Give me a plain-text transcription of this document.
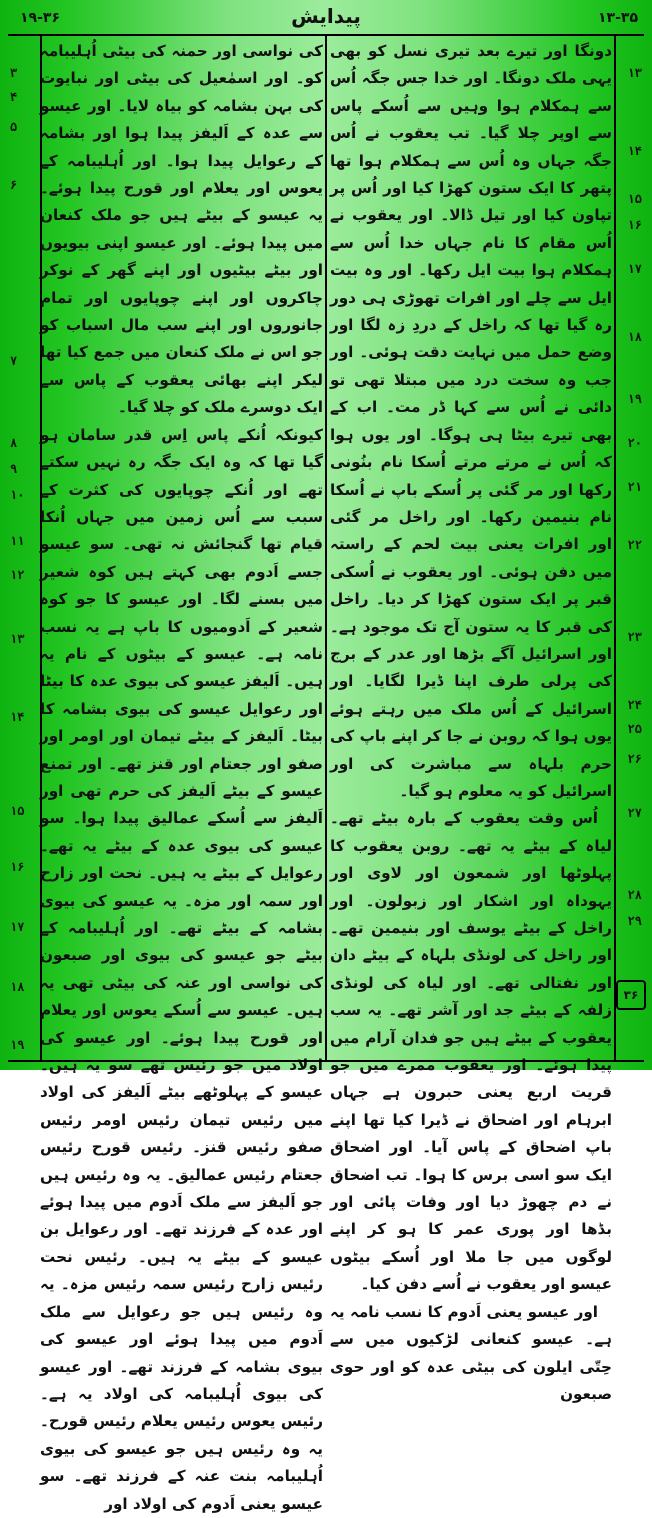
۱۹-۳۶	پیدایش	۱۳-۳۵
۳
۴
۵
۶
۷
۸
۹
۱۰
۱۱
۱۲
۱۳
۱۴
۱۵
۱۶
۱۷
۱۸
۱۹

کی نواسی اور حمنہ کی بیٹی اُہلیبامہ کو۔ اور اسمٰعیل کی بیٹی اور نبایوت کی بہن بشامہ کو بیاہ لایا۔ اور عیسو سے عدہ کے اَلیفز پیدا ہوا اور بشامہ کے رعوایل پیدا ہوا۔ اور اُہلیبامہ کے یعوس اور یعلام اور قورح پیدا ہوئے۔ یہ عیسو کے بیٹے ہیں جو ملک کنعان میں پیدا ہوئے۔ اور عیسو اپنی بیویوں اور بیٹے بیٹیوں اور اپنے گھر کے نوکر چاکروں اور اپنے چوپایوں اور تمام جانوروں اور اپنے سب مال اسباب کو جو اس نے ملک کنعان میں جمع کیا تھا لیکر اپنے بھائی یعقوب کے پاس سے ایک دوسرے ملک کو چلا گیا۔

کیونکہ اُنکے پاس اِس قدر سامان ہو گیا تھا کہ وہ ایک جگہ رہ نہیں سکتے تھے اور اُنکے چوپایوں کی کثرت کے سبب سے اُس زمین میں جہاں اُنکا قیام تھا گنجائش نہ تھی۔ سو عیسو جسے اَدوم بھی کہتے ہیں کوہ شعیر میں بسنے لگا۔ اور عیسو کا جو کوہ شعیر کے اَدومیوں کا باپ ہے یہ نسب نامہ ہے۔ عیسو کے بیٹوں کے نام یہ ہیں۔ اَلیفز عیسو کی بیوی عدہ کا بیٹا اور رعوایل عیسو کی بیوی بشامہ کا بیٹا۔ اَلیفز کے بیٹے تیمان اور اومر اور صفو اور جعتام اور قنز تھے۔ اور تمنع عیسو کے بیٹے اَلیفز کی حرم تھی اور اَلیفز سے اُسکے عمالیق پیدا ہوا۔ سو عیسو کی بیوی عدہ کے بیٹے یہ تھے۔ رعوایل کے بیٹے یہ ہیں۔ نحت اور زارح اور سمہ اور مزہ۔ یہ عیسو کی بیوی بشامہ کے بیٹے تھے۔ اور اُہلیبامہ کے بیٹے جو عیسو کی بیوی اور صبعون کی نواسی اور عنہ کی بیٹی تھی یہ ہیں۔ عیسو سے اُسکے یعوس اور یعلام اور قورح پیدا ہوئے۔ اور عیسو کی اولاد میں جو رئیس تھے سو یہ ہیں۔ عیسو کے پہلوٹھے بیٹے اَلیفز کی اولاد میں رئیس تیمان رئیس اومر رئیس صفو رئیس قنز۔ رئیس قورح رئیس جعتام رئیس عمالیق۔ یہ وہ رئیس ہیں جو اَلیفز سے ملک اَدوم میں پیدا ہوئے اور عدہ کے فرزند تھے۔ اور رعوایل بن عیسو کے بیٹے یہ ہیں۔ رئیس نحت رئیس زارح رئیس سمہ رئیس مزہ۔ یہ وہ رئیس ہیں جو رعوایل سے ملک اَدوم میں پیدا ہوئے اور عیسو کی بیوی بشامہ کے فرزند تھے۔ اور عیسو کی بیوی اُہلیبامہ کی اولاد یہ ہے۔ رئیس یعوس رئیس یعلام رئیس قورح۔ یہ وہ رئیس ہیں جو عیسو کی بیوی اُہلیبامہ بنت عنہ کے فرزند تھے۔ سو عیسو یعنی اَدوم کی اولاد اور

دونگا اور تیرے بعد تیری نسل کو بھی یہی ملک دونگا۔ اور خدا جس جگہ اُس سے ہمکلام ہوا وہیں سے اُسکے پاس سے اوپر چلا گیا۔ تب یعقوب نے اُس جگہ جہاں وہ اُس سے ہمکلام ہوا تھا پتھر کا ایک ستون کھڑا کیا اور اُس پر تپاون کیا اور تیل ڈالا۔ اور یعقوب نے اُس مقام کا نام جہاں خدا اُس سے ہمکلام ہوا بیت ایل رکھا۔ اور وہ بیت ایل سے چلے اور افرات تھوڑی ہی دور رہ گیا تھا کہ راخل کے دردِ زہ لگا اور وضع حمل میں نہایت دقت ہوئی۔ اور جب وہ سخت درد میں مبتلا تھی تو دائی نے اُس سے کہا ڈر مت۔ اب کے بھی تیرے بیٹا ہی ہوگا۔ اور یوں ہوا کہ اُس نے مرتے مرتے اُسکا نام بنُونی رکھا اور مر گئی پر اُسکے باپ نے اُسکا نام بنیمین رکھا۔ اور راخل مر گئی اور افرات یعنی بیت لحم کے راستہ میں دفن ہوئی۔ اور یعقوب نے اُسکی قبر پر ایک ستون کھڑا کر دیا۔ راخل کی قبر کا یہ ستون آج تک موجود ہے۔ اور اسرائیل آگے بڑھا اور عدر کے برج کی پرلی طرف اپنا ڈیرا لگایا۔ اور اسرائیل کے اُس ملک میں رہتے ہوئے یوں ہوا کہ روبن نے جا کر اپنے باپ کی حرم بلہاہ سے مباشرت کی اور اسرائیل کو یہ معلوم ہو گیا۔

اُس وقت یعقوب کے بارہ بیٹے تھے۔ لیاہ کے بیٹے یہ تھے۔ روبن یعقوب کا پہلوٹھا اور شمعون اور لاوی اور یہوداہ اور اشکار اور زبولون۔ اور راخل کے بیٹے یوسف اور بنیمین تھے۔ اور راخل کی لونڈی بلہاہ کے بیٹے دان اور نفتالی تھے۔ اور لیاہ کی لونڈی زلفہ کے بیٹے جد اور آشر تھے۔ یہ سب یعقوب کے بیٹے ہیں جو فدان آرام میں پیدا ہوئے۔ اور یعقوب ممرے میں جو قریت اربع یعنی حبرون ہے جہاں ابرہام اور اضحاق نے ڈیرا کیا تھا اپنے باپ اضحاق کے پاس آیا۔ اور اضحاق ایک سو اسی برس کا ہوا۔ تب اضحاق نے دم چھوڑ دیا اور وفات پائی اور بڈھا اور پوری عمر کا ہو کر اپنے لوگوں میں جا ملا اور اُسکے بیٹوں عیسو اور یعقوب نے اُسے دفن کیا۔

اور عیسو یعنی اَدوم کا نسب نامہ یہ ہے۔ عیسو کنعانی لڑکیوں میں سے حِتّی ایلون کی بیٹی عدہ کو اور حوی صبعون

۱۳
۱۴
۱۵
۱۶
۱۷
۱۸
۱۹
۲۰
۲۱
۲۲
۲۳
۲۴
۲۵
۲۶
۲۷
۲۸
۲۹
۳۶
